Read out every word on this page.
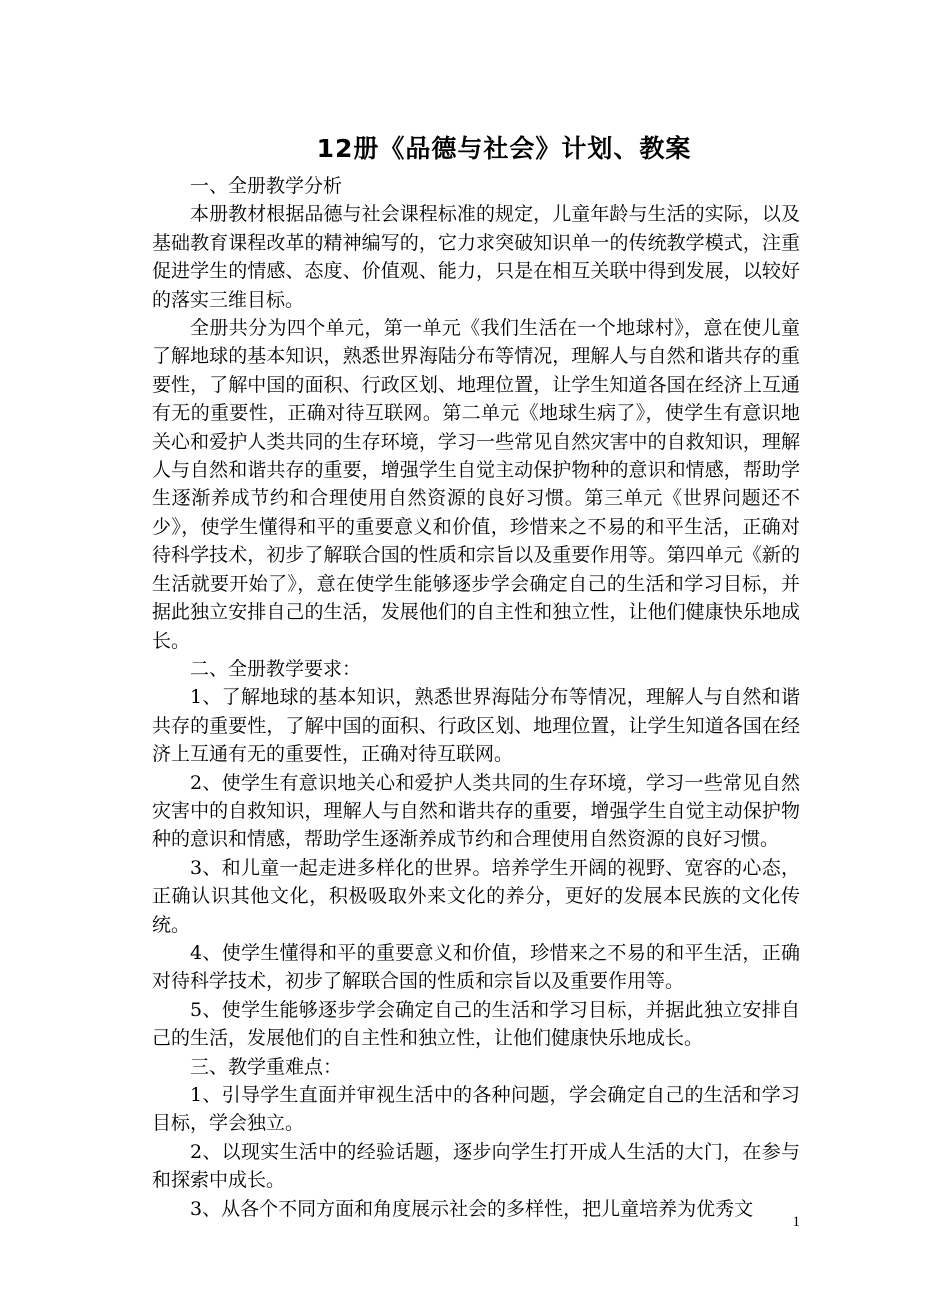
12册《品德与社会》计划、教案

一、全册教学分析

本册教材根据品德与社会课程标准的规定，儿童年龄与生活的实际，以及基础教育课程改革的精神编写的，它力求突破知识单一的传统教学模式，注重促进学生的情感、态度、价值观、能力，只是在相互关联中得到发展，以较好的落实三维目标。

全册共分为四个单元，第一单元《我们生活在一个地球村》，意在使儿童了解地球的基本知识，熟悉世界海陆分布等情况，理解人与自然和谐共存的重要性，了解中国的面积、行政区划、地理位置，让学生知道各国在经济上互通有无的重要性，正确对待互联网。第二单元《地球生病了》，使学生有意识地关心和爱护人类共同的生存环境，学习一些常见自然灾害中的自救知识，理解人与自然和谐共存的重要，增强学生自觉主动保护物种的意识和情感，帮助学生逐渐养成节约和合理使用自然资源的良好习惯。第三单元《世界问题还不少》，使学生懂得和平的重要意义和价值，珍惜来之不易的和平生活，正确对待科学技术，初步了解联合国的性质和宗旨以及重要作用等。第四单元《新的生活就要开始了》，意在使学生能够逐步学会确定自己的生活和学习目标，并据此独立安排自己的生活，发展他们的自主性和独立性，让他们健康快乐地成长。

二、全册教学要求：

1、了解地球的基本知识，熟悉世界海陆分布等情况，理解人与自然和谐共存的重要性，了解中国的面积、行政区划、地理位置，让学生知道各国在经济上互通有无的重要性，正确对待互联网。

2、使学生有意识地关心和爱护人类共同的生存环境，学习一些常见自然灾害中的自救知识，理解人与自然和谐共存的重要，增强学生自觉主动保护物种的意识和情感，帮助学生逐渐养成节约和合理使用自然资源的良好习惯。

3、和儿童一起走进多样化的世界。培养学生开阔的视野、宽容的心态，正确认识其他文化，积极吸取外来文化的养分，更好的发展本民族的文化传统。

4、使学生懂得和平的重要意义和价值，珍惜来之不易的和平生活，正确对待科学技术，初步了解联合国的性质和宗旨以及重要作用等。

5、使学生能够逐步学会确定自己的生活和学习目标，并据此独立安排自己的生活，发展他们的自主性和独立性，让他们健康快乐地成长。

三、教学重难点：

1、引导学生直面并审视生活中的各种问题，学会确定自己的生活和学习目标，学会独立。

2、以现实生活中的经验话题，逐步向学生打开成人生活的大门，在参与和探索中成长。

3、从各个不同方面和角度展示社会的多样性，把儿童培养为优秀文

1
